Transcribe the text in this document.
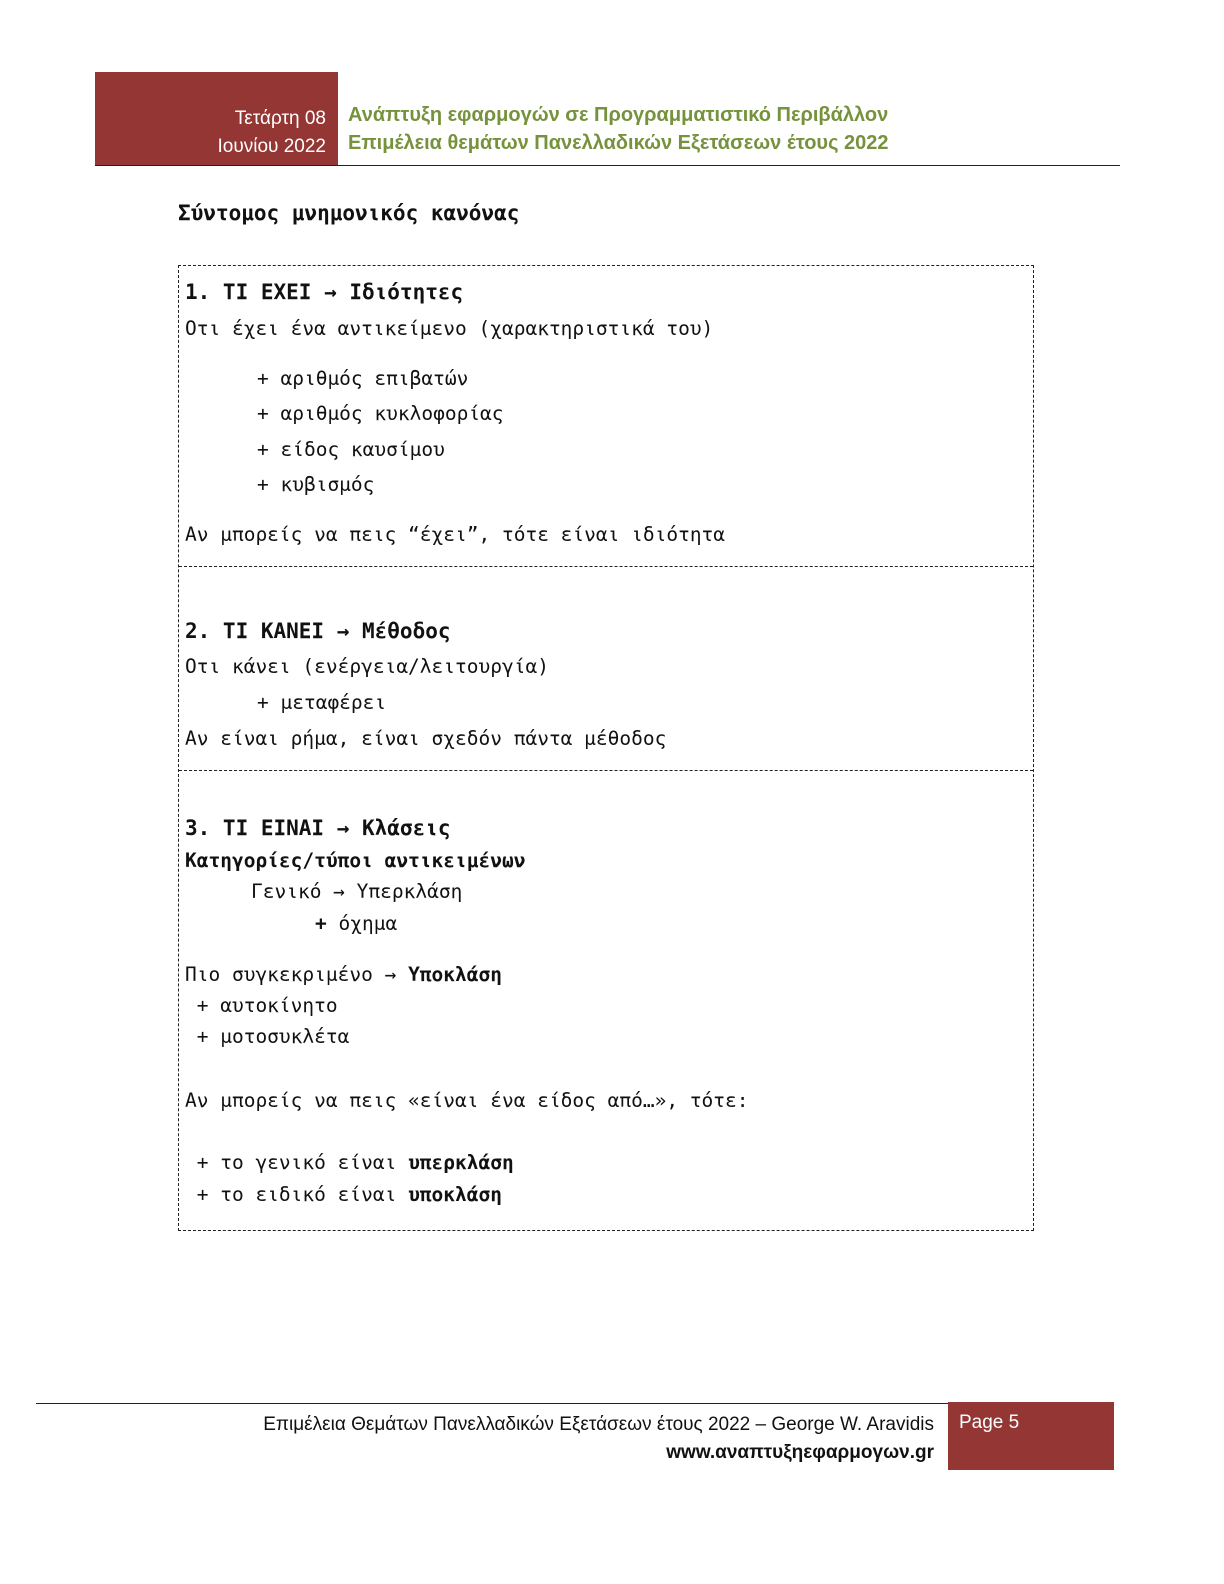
Τετάρτη 08
Ιουνίου 2022
Ανάπτυξη εφαρμογών σε Προγραμματιστικό Περιβάλλον
Επιμέλεια θεμάτων Πανελλαδικών Εξετάσεων έτους 2022
Σύντομος μνημονικός κανόνας
1. ΤΙ ΕΧΕΙ → Ιδιότητες
Οτι έχει ένα αντικείμενο (χαρακτηριστικά του)
+ αριθμός επιβατών
+ αριθμός κυκλοφορίας
+ είδος καυσίμου
+ κυβισμός
Αν μπορείς να πεις “έχει”, τότε είναι ιδιότητα
2. ΤΙ ΚΑΝΕΙ → Μέθοδος
Οτι κάνει (ενέργεια/λειτουργία)
+ μεταφέρει
Αν είναι ρήμα, είναι σχεδόν πάντα μέθοδος
3. ΤΙ ΕΙΝΑΙ → Κλάσεις
Κατηγορίες/τύποι αντικειμένων
Γενικό → Υπερκλάση
+ όχημα
Πιο συγκεκριμένο → Υποκλάση
+ αυτοκίνητο
+ μοτοσυκλέτα
Αν μπορείς να πεις «είναι ένα είδος από…», τότε:
+ το γενικό είναι υπερκλάση
+ το ειδικό είναι υποκλάση
Επιμέλεια Θεμάτων Πανελλαδικών Εξετάσεων έτους 2022 – George W. Aravidis
www.αναπτυξηεφαρμογων.gr
Page 5
